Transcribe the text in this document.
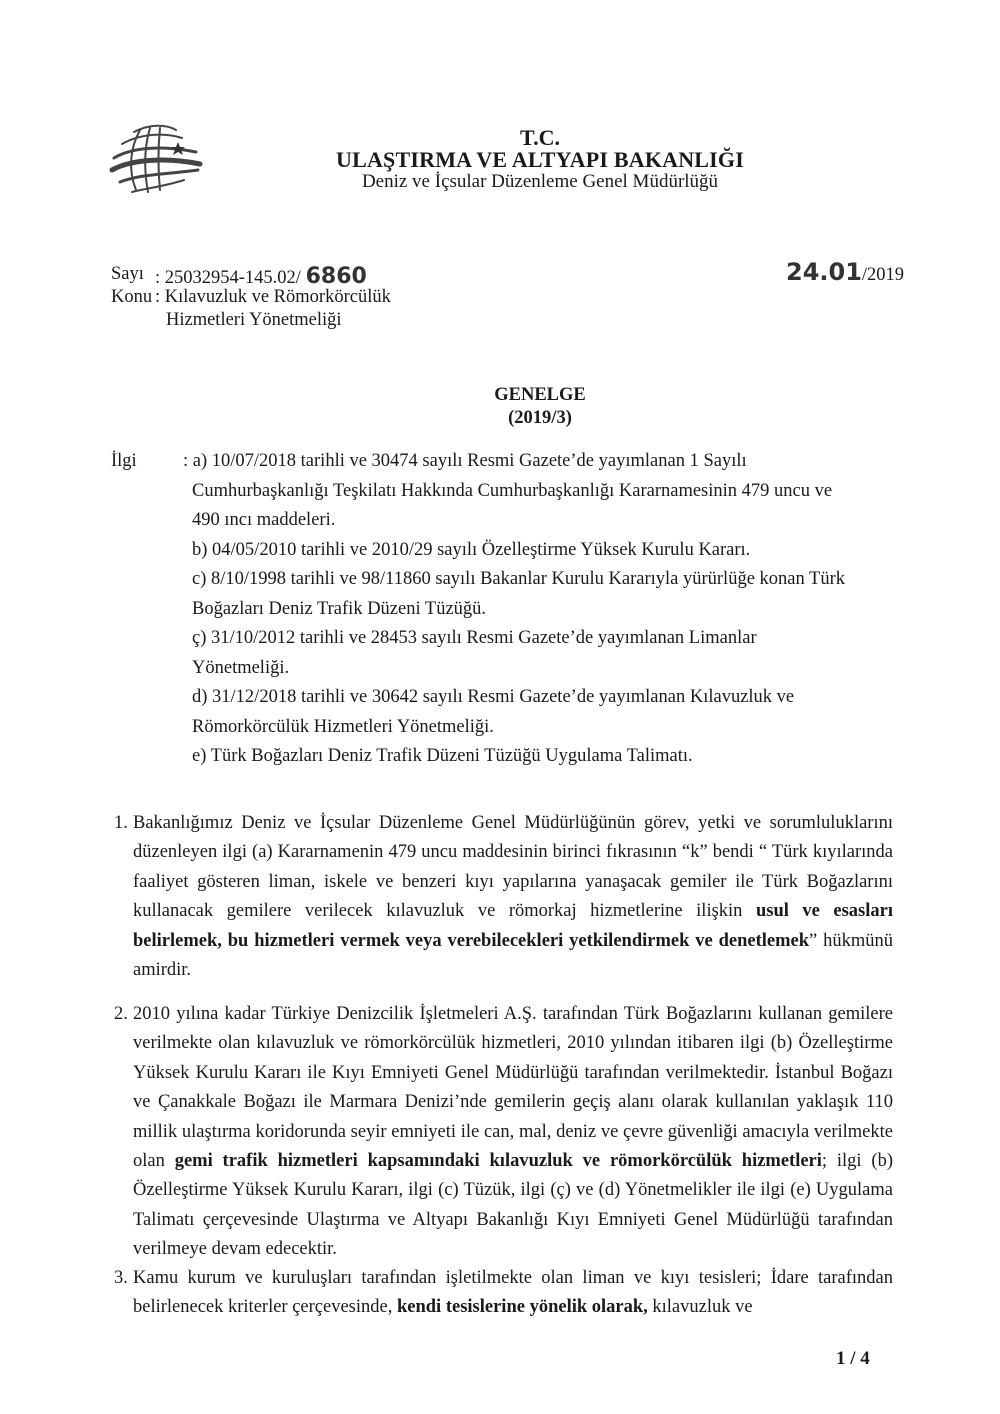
T.C.
ULAŞTIRMA VE ALTYAPI BAKANLIĞI
Deniz ve İçsular Düzenleme Genel Müdürlüğü
Sayı : 25032954-145.02/ 6860	24.01/2019
Konu : Kılavuzluk ve Römorkörcülük
Hizmetleri Yönetmeliği
GENELGE
(2019/3)
İlgi	: a) 10/07/2018 tarihli ve 30474 sayılı Resmi Gazete’de yayımlanan 1 Sayılı
Cumhurbaşkanlığı Teşkilatı Hakkında Cumhurbaşkanlığı Kararnamesinin 479 uncu ve
490 ıncı maddeleri.
b) 04/05/2010 tarihli ve 2010/29 sayılı Özelleştirme Yüksek Kurulu Kararı.
c) 8/10/1998 tarihli ve 98/11860 sayılı Bakanlar Kurulu Kararıyla yürürlüğe konan Türk
Boğazları Deniz Trafik Düzeni Tüzüğü.
ç) 31/10/2012 tarihli ve 28453 sayılı Resmi Gazete’de yayımlanan Limanlar
Yönetmeliği.
d) 31/12/2018 tarihli ve 30642 sayılı Resmi Gazete’de yayımlanan Kılavuzluk ve
Römorkörcülük Hizmetleri Yönetmeliği.
e) Türk Boğazları Deniz Trafik Düzeni Tüzüğü Uygulama Talimatı.
1. Bakanlığımız Deniz ve İçsular Düzenleme Genel Müdürlüğünün görev, yetki ve sorumluluklarını düzenleyen ilgi (a) Kararnamenin 479 uncu maddesinin birinci fıkrasının “k” bendi “ Türk kıyılarında faaliyet gösteren liman, iskele ve benzeri kıyı yapılarına yanaşacak gemiler ile Türk Boğazlarını kullanacak gemilere verilecek kılavuzluk ve römorkaj hizmetlerine ilişkin usul ve esasları belirlemek, bu hizmetleri vermek veya verebilecekleri yetkilendirmek ve denetlemek” hükmünü amirdir.
2. 2010 yılına kadar Türkiye Denizcilik İşletmeleri A.Ş. tarafından Türk Boğazlarını kullanan gemilere verilmekte olan kılavuzluk ve römorkörcülük hizmetleri, 2010 yılından itibaren ilgi (b) Özelleştirme Yüksek Kurulu Kararı ile Kıyı Emniyeti Genel Müdürlüğü tarafından verilmektedir. İstanbul Boğazı ve Çanakkale Boğazı ile Marmara Denizi’nde gemilerin geçiş alanı olarak kullanılan yaklaşık 110 millik ulaştırma koridorunda seyir emniyeti ile can, mal, deniz ve çevre güvenliği amacıyla verilmekte olan gemi trafik hizmetleri kapsamındaki kılavuzluk ve römorkörcülük hizmetleri; ilgi (b) Özelleştirme Yüksek Kurulu Kararı, ilgi (c) Tüzük, ilgi (ç) ve (d) Yönetmelikler ile ilgi (e) Uygulama Talimatı çerçevesinde Ulaştırma ve Altyapı Bakanlığı Kıyı Emniyeti Genel Müdürlüğü tarafından verilmeye devam edecektir.
3. Kamu kurum ve kuruluşları tarafından işletilmekte olan liman ve kıyı tesisleri; İdare tarafından belirlenecek kriterler çerçevesinde, kendi tesislerine yönelik olarak, kılavuzluk ve
1 / 4
